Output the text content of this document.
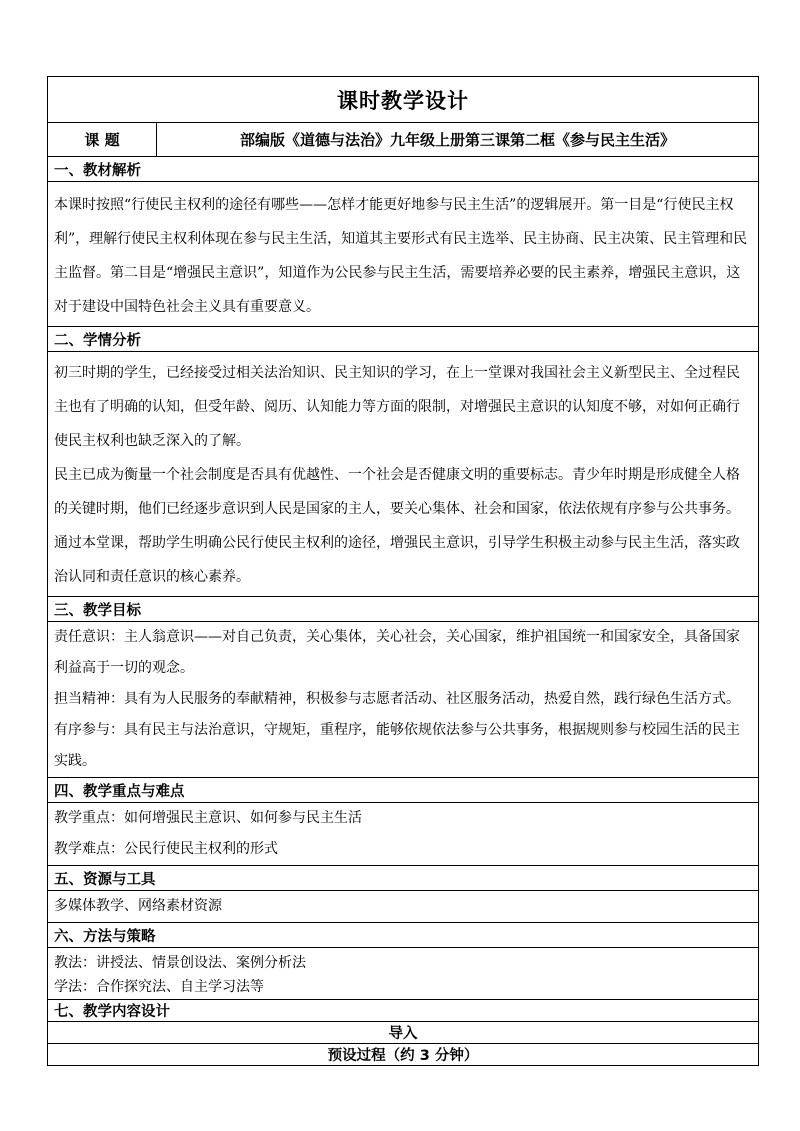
课时教学设计
课 题	部编版《道德与法治》九年级上册第三课第二框《参与民主生活》
一、教材解析

本课时按照“行使民主权利的途径有哪些——怎样才能更好地参与民主生活”的逻辑展开。第一目是“行使民主权利”，理解行使民主权利体现在参与民主生活，知道其主要形式有民主选举、民主协商、民主决策、民主管理和民主监督。第二目是“增强民主意识”，知道作为公民参与民主生活，需要培养必要的民主素养，增强民主意识，这对于建设中国特色社会主义具有重要意义。

二、学情分析

初三时期的学生，已经接受过相关法治知识、民主知识的学习，在上一堂课对我国社会主义新型民主、全过程民主也有了明确的认知，但受年龄、阅历、认知能力等方面的限制，对增强民主意识的认知度不够，对如何正确行使民主权利也缺乏深入的了解。

民主已成为衡量一个社会制度是否具有优越性、一个社会是否健康文明的重要标志。青少年时期是形成健全人格的关键时期，他们已经逐步意识到人民是国家的主人，要关心集体、社会和国家，依法依规有序参与公共事务。通过本堂课，帮助学生明确公民行使民主权利的途径，增强民主意识，引导学生积极主动参与民主生活，落实政治认同和责任意识的核心素养。

三、教学目标

责任意识：主人翁意识——对自己负责，关心集体，关心社会，关心国家，维护祖国统一和国家安全，具备国家利益高于一切的观念。

担当精神：具有为人民服务的奉献精神，积极参与志愿者活动、社区服务活动，热爱自然，践行绿色生活方式。

有序参与：具有民主与法治意识，守规矩，重程序，能够依规依法参与公共事务，根据规则参与校园生活的民主实践。

四、教学重点与难点

教学重点：如何增强民主意识、如何参与民主生活

教学难点：公民行使民主权利的形式

五、资源与工具

多媒体教学、网络素材资源

六、方法与策略

教法：讲授法、情景创设法、案例分析法

学法：合作探究法、自主学习法等

七、教学内容设计
导入
预设过程（约 3 分钟）
